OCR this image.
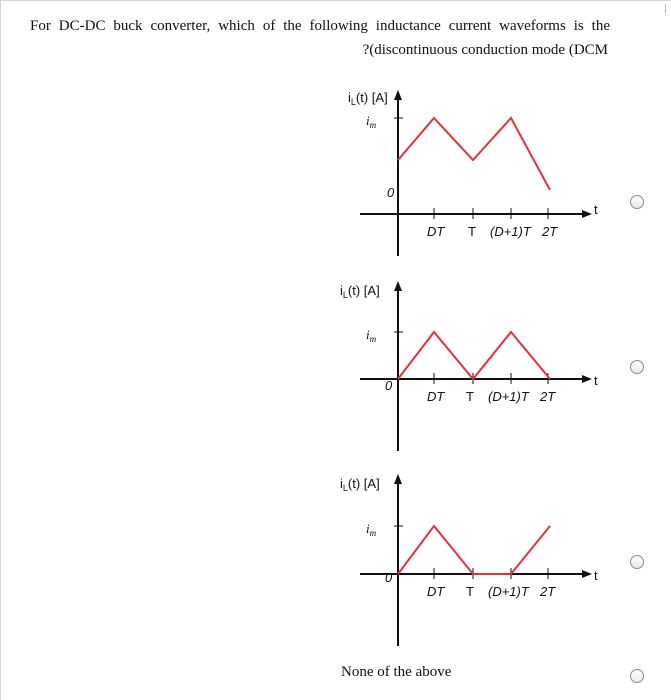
For DC-DC buck converter, which of the following inductance current waveforms is the
?(discontinuous conduction mode (DCM
$i_L(t)$ [A]
$i_m$
t
0
DT T (D+1)T 2T
$i_L(t)$ [A]
$i_m$
t
0
DT T (D+1)T 2T
$i_L(t)$ [A]
$i_m$
t
0
DT T (D+1)T 2T
None of the above
